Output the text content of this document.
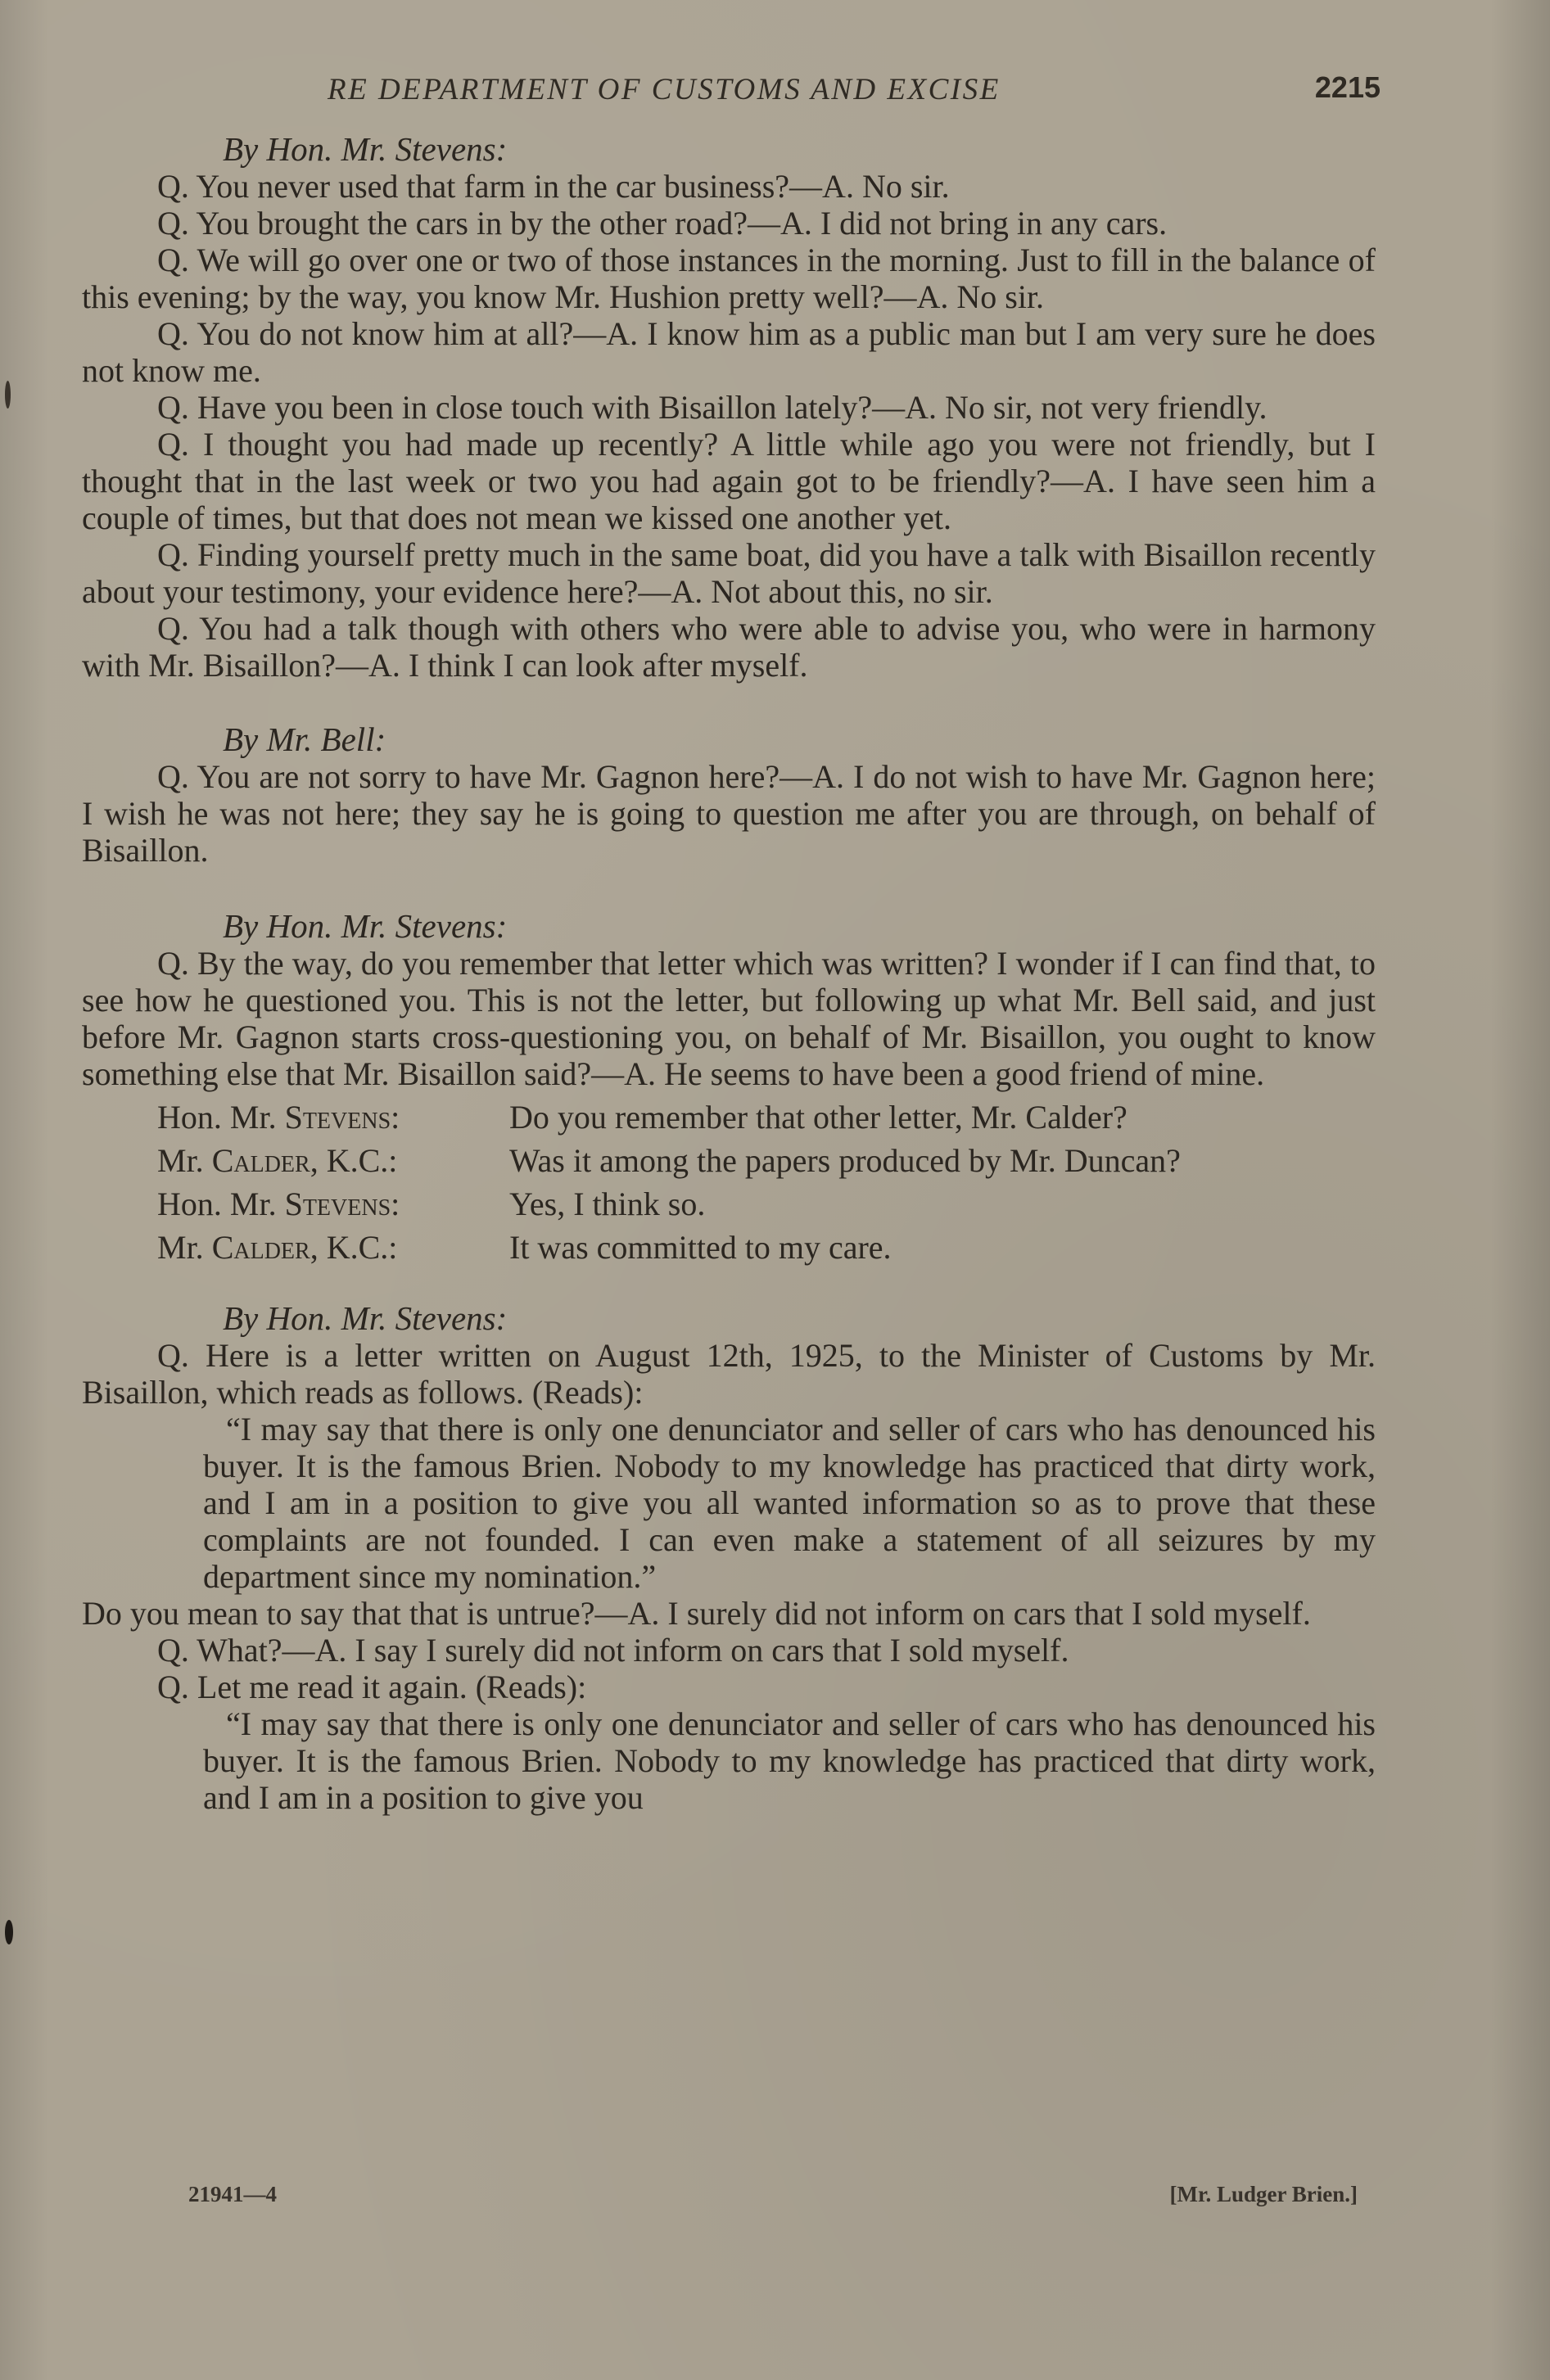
RE DEPARTMENT OF CUSTOMS AND EXCISE	2215

By Hon. Mr. Stevens:

Q. You never used that farm in the car business?—A. No sir.

Q. You brought the cars in by the other road?—A. I did not bring in any cars.

Q. We will go over one or two of those instances in the morning. Just to fill in the balance of this evening; by the way, you know Mr. Hushion pretty well?—A. No sir.

Q. You do not know him at all?—A. I know him as a public man but I am very sure he does not know me.

Q. Have you been in close touch with Bisaillon lately?—A. No sir, not very friendly.

Q. I thought you had made up recently? A little while ago you were not friendly, but I thought that in the last week or two you had again got to be friendly?—A. I have seen him a couple of times, but that does not mean we kissed one another yet.

Q. Finding yourself pretty much in the same boat, did you have a talk with Bisaillon recently about your testimony, your evidence here?—A. Not about this, no sir.

Q. You had a talk though with others who were able to advise you, who were in harmony with Mr. Bisaillon?—A. I think I can look after myself.

By Mr. Bell:

Q. You are not sorry to have Mr. Gagnon here?—A. I do not wish to have Mr. Gagnon here; I wish he was not here; they say he is going to question me after you are through, on behalf of Bisaillon.

By Hon. Mr. Stevens:

Q. By the way, do you remember that letter which was written? I wonder if I can find that, to see how he questioned you. This is not the letter, but following up what Mr. Bell said, and just before Mr. Gagnon starts cross-questioning you, on behalf of Mr. Bisaillon, you ought to know something else that Mr. Bisaillon said?—A. He seems to have been a good friend of mine.

Hon. Mr. Stevens:	Do you remember that other letter, Mr. Calder?
Mr. Calder, K.C.:	Was it among the papers produced by Mr. Duncan?
Hon. Mr. Stevens:	Yes, I think so.
Mr. Calder, K.C.:	It was committed to my care.

By Hon. Mr. Stevens:

Q. Here is a letter written on August 12th, 1925, to the Minister of Customs by Mr. Bisaillon, which reads as follows. (Reads):

“I may say that there is only one denunciator and seller of cars who has denounced his buyer. It is the famous Brien. Nobody to my knowledge has practiced that dirty work, and I am in a position to give you all wanted information so as to prove that these complaints are not founded. I can even make a statement of all seizures by my department since my nomination.”

Do you mean to say that that is untrue?—A. I surely did not inform on cars that I sold myself.

Q. What?—A. I say I surely did not inform on cars that I sold myself.

Q. Let me read it again. (Reads):

“I may say that there is only one denunciator and seller of cars who has denounced his buyer. It is the famous Brien. Nobody to my knowledge has practiced that dirty work, and I am in a position to give you

21941—4	[Mr. Ludger Brien.]
